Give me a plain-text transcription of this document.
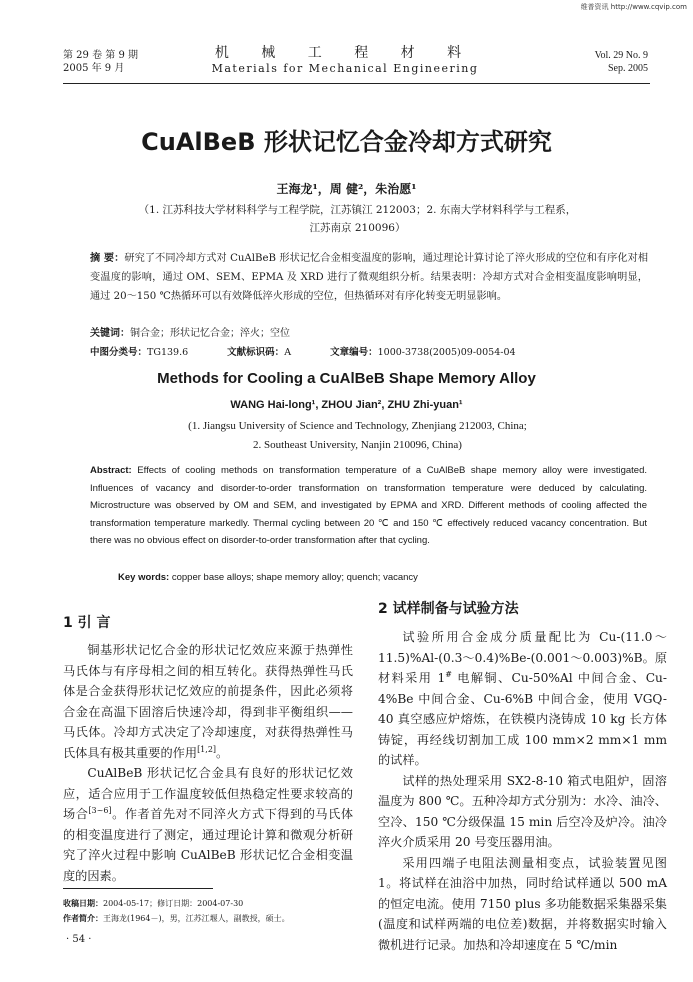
维普资讯 http://www.cqvip.com
第 29 卷 第 9 期
2005 年 9 月
机 械 工 程 材 料
Materials for Mechanical Engineering
Vol. 29 No. 9
Sep. 2005
CuAlBeB 形状记忆合金冷却方式研究
王海龙¹，周 健²，朱治愿¹
（1. 江苏科技大学材料科学与工程学院，江苏镇江 212003；2. 东南大学材料科学与工程系，
江苏南京 210096）
摘 要：研究了不同冷却方式对 CuAlBeB 形状记忆合金相变温度的影响，通过理论计算讨论了淬火形成的空位和有序化对相变温度的影响，通过 OM、SEM、EPMA 及 XRD 进行了微观组织分析。结果表明：冷却方式对合金相变温度影响明显，通过 20～150 ℃热循环可以有效降低淬火形成的空位，但热循环对有序化转变无明显影响。
关键词：铜合金；形状记忆合金；淬火；空位
中图分类号：TG139.6	文献标识码：A	文章编号：1000-3738(2005)09-0054-04
Methods for Cooling a CuAlBeB Shape Memory Alloy
WANG Hai-long¹, ZHOU Jian², ZHU Zhi-yuan¹
(1. Jiangsu University of Science and Technology, Zhenjiang 212003, China;
2. Southeast University, Nanjin 210096, China)
Abstract: Effects of cooling methods on transformation temperature of a CuAlBeB shape memory alloy were investigated. Influences of vacancy and disorder-to-order transformation on transformation temperature were deduced by calculating. Microstructure was observed by OM and SEM, and investigated by EPMA and XRD. Different methods of cooling affected the transformation temperature markedly. Thermal cycling between 20 ℃ and 150 ℃ effectively reduced vacancy concentration. But there was no obvious effect on disorder-to-order transformation after that cycling.
Key words: copper base alloys; shape memory alloy; quench; vacancy
1 引 言

铜基形状记忆合金的形状记忆效应来源于热弹性马氏体与有序母相之间的相互转化。获得热弹性马氏体是合金获得形状记忆效应的前提条件，因此必须将合金在高温下固溶后快速冷却，得到非平衡组织——马氏体。冷却方式决定了冷却速度，对获得热弹性马氏体具有极其重要的作用[1,2]。

CuAlBeB 形状记忆合金具有良好的形状记忆效应，适合应用于工作温度较低但热稳定性要求较高的场合[3~6]。作者首先对不同淬火方式下得到的马氏体的相变温度进行了测定，通过理论计算和微观分析研究了淬火过程中影响 CuAlBeB 形状记忆合金相变温度的因素。

收稿日期：2004-05-17；修订日期：2004-07-30
作者简介：王海龙(1964－)，男，江苏江堰人，副教授，硕士。
· 54 ·
2 试样制备与试验方法

试验所用合金成分质量配比为 Cu-(11.0～11.5)%Al-(0.3～0.4)%Be-(0.001～0.003)%B。原材料采用 1# 电解铜、Cu-50%Al 中间合金、Cu-4%Be 中间合金、Cu-6%B 中间合金，使用 VGQ-40 真空感应炉熔炼，在铁模内浇铸成 10 kg 长方体铸锭，再经线切割加工成 100 mm×2 mm×1 mm 的试样。

试样的热处理采用 SX2-8-10 箱式电阻炉，固溶温度为 800 ℃。五种冷却方式分别为：水冷、油冷、空冷、150 ℃分级保温 15 min 后空冷及炉冷。油冷淬火介质采用 20 号变压器用油。

采用四端子电阻法测量相变点，试验装置见图 1。将试样在油浴中加热，同时给试样通以 500 mA 的恒定电流。使用 7150 plus 多功能数据采集器采集(温度和试样两端的电位差)数据，并将数据实时输入微机进行记录。加热和冷却速度在 5 ℃/min
